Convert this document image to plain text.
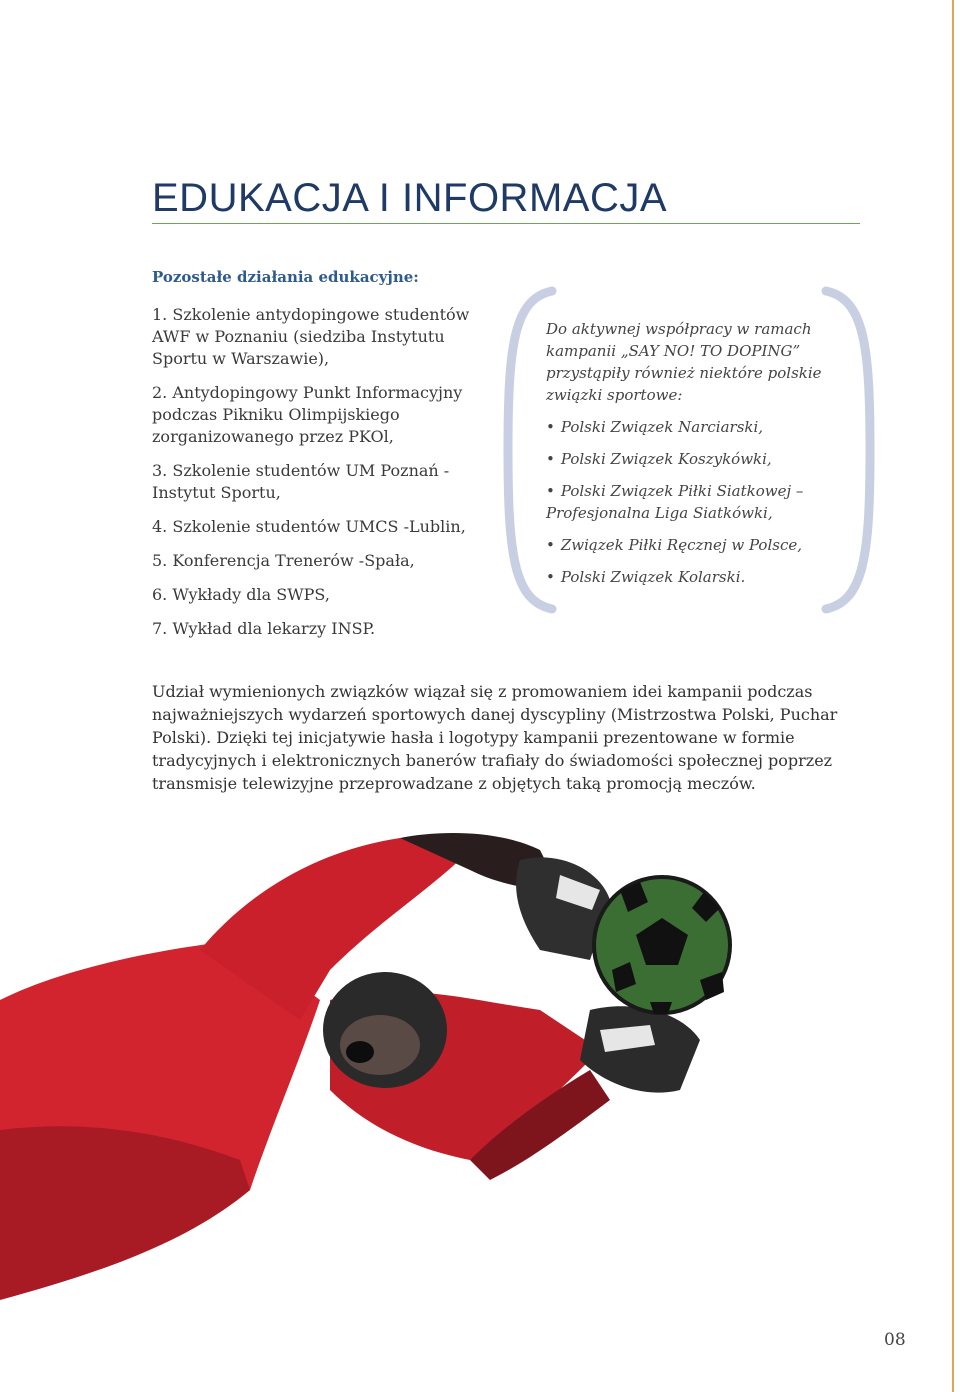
EDUKACJA I INFORMACJA
Pozostałe działania edukacyjne:
1. Szkolenie antydopingowe studentów AWF w Poznaniu (siedziba Instytutu Sportu w Warszawie),
2. Antydopingowy Punkt Informacyjny podczas Pikniku Olimpijskiego zorganizowanego przez PKOl,
3. Szkolenie studentów UM Poznań - Instytut Sportu,
4. Szkolenie studentów UMCS -Lublin,
5. Konferencja Trenerów -Spała,
6. Wykłady dla SWPS,
7. Wykład dla lekarzy INSP.

Do aktywnej współpracy w ramach kampanii „SAY NO! TO DOPING” przystąpiły również niektóre polskie związki sportowe:

• Polski Związek Narciarski,
• Polski Związek Koszykówki,
• Polski Związek Piłki Siatkowej – Profesjonalna Liga Siatkówki,
• Związek Piłki Ręcznej w Polsce,
• Polski Związek Kolarski.

Udział wymienionych związków wiązał się z promowaniem idei kampanii podczas najważniejszych wydarzeń sportowych danej dyscypliny (Mistrzostwa Polski, Puchar Polski). Dzięki tej inicjatywie hasła i logotypy kampanii prezentowane w formie tradycyjnych i elektronicznych banerów trafiały do świadomości społecznej poprzez transmisje telewizyjne przeprowadzane z objętych taką promocją meczów.

08
